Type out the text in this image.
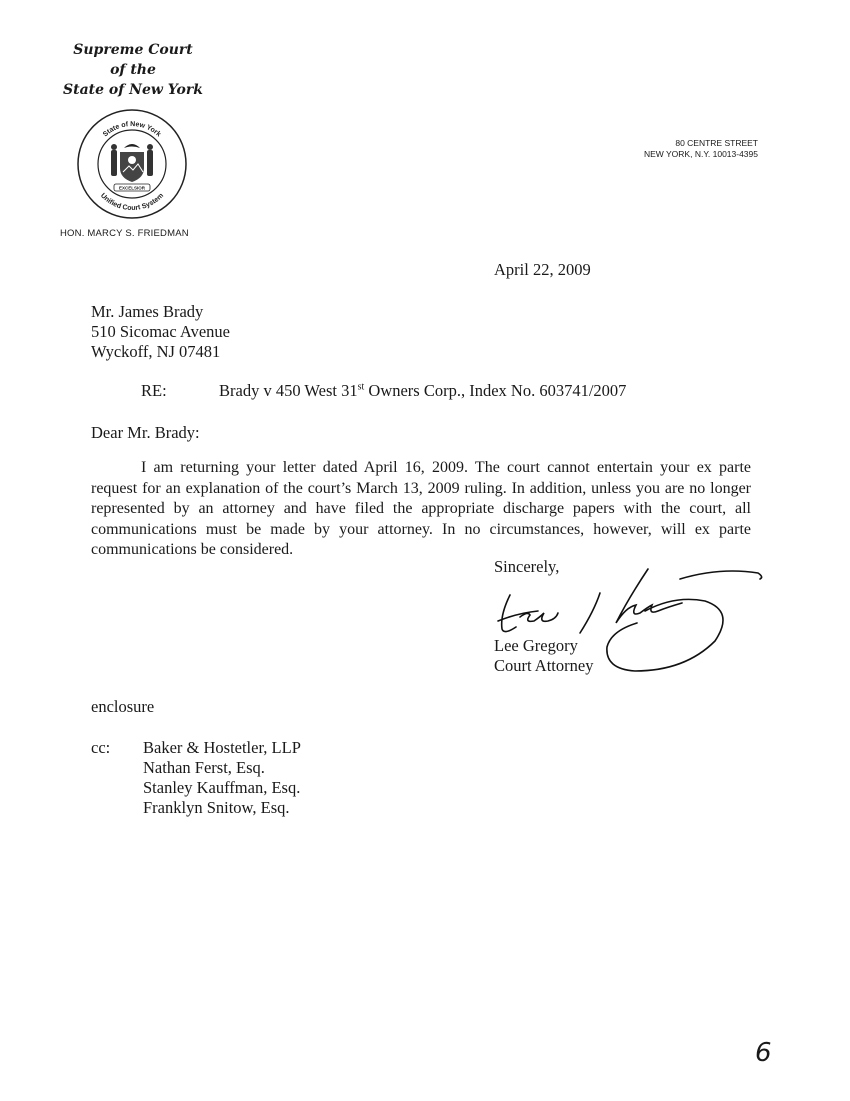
Supreme Court
of the
State of New York
State of New York
Unified Court System
EXCELSIOR
HON. MARCY S. FRIEDMAN
80 CENTRE STREET
NEW YORK, N.Y. 10013-4395
April 22, 2009
Mr. James Brady
510 Sicomac Avenue
Wyckoff, NJ 07481
RE:	Brady v 450 West 31st Owners Corp., Index No. 603741/2007
Dear Mr. Brady:
I am returning your letter dated April 16, 2009. The court cannot entertain your ex parte request for an explanation of the court’s March 13, 2009 ruling. In addition, unless you are no longer represented by an attorney and have filed the appropriate discharge papers with the court, all communications must be made by your attorney. In no circumstances, however, will ex parte communications be considered.
Sincerely,
Lee Gregory
Court Attorney
enclosure
cc: Baker & Hostetler, LLP
Nathan Ferst, Esq.
Stanley Kauffman, Esq.
Franklyn Snitow, Esq.
6
